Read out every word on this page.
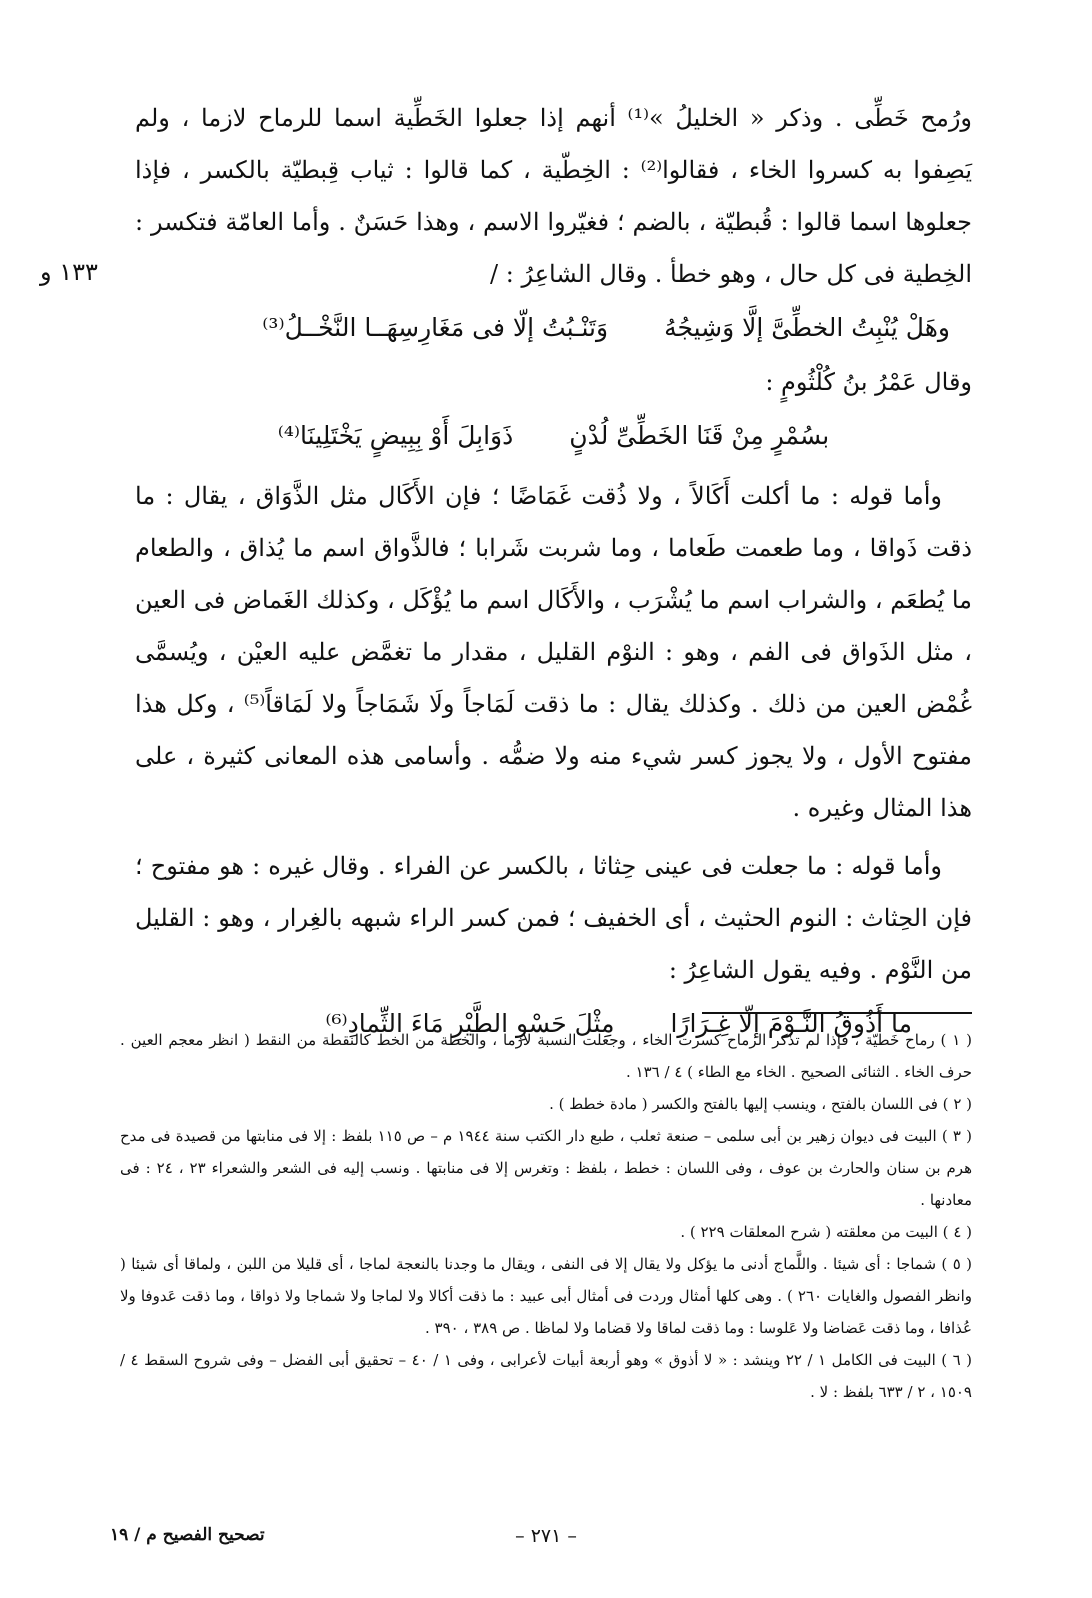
ورُمح خَطِّى . وذكر « الخليلُ »⁽¹⁾ أنهم إذا جعلوا الخَطِّية اسما للرماح لازما ، ولم يَصِفوا به كسروا الخاء ، فقالوا⁽²⁾ : الخِطّية ، كما قالوا : ثياب قِبطيّة بالكسر ، فإذا جعلوها اسما قالوا : قُبطيّة ، بالضم ؛ فغيّروا الاسم ، وهذا حَسَنٌ . وأما العامّة فتكسر : الخِطية فى كل حال ، وهو خطأ . وقال الشاعِرُ : /

وهَلْ يُنْبِتُ الخطِّىَّ إلَّا وَشِيجُهُ
وَتَنْـبُتُ إلّا فى مَغَارِسِهَــا النَّخْــلُ⁽³⁾

وقال عَمْرُ بنُ كُلْثُومٍ :

بسُمْرٍ مِنْ قَنَا الخَطِّىِّ لُدْنٍ
ذَوَابِلَ أَوْ بِبِيضٍ يَخْتَلِينَا⁽⁴⁾

وأما قوله : ما أكلت أَكَالاً ، ولا ذُقت غَمَاضًا ؛ فإن الأَكَال مثل الذَّوَاق ، يقال : ما ذقت ذَواقا ، وما طعمت طَعاما ، وما شربت شَرابا ؛ فالذَّواق اسم ما يُذاق ، والطعام ما يُطعَم ، والشراب اسم ما يُشْرَب ، والأَكَال اسم ما يُؤْكَل ، وكذلك الغَماض فى العين ، مثل الذَواق فى الفم ، وهو : النوْم القليل ، مقدار ما تغمَّض عليه العيْن ، ويُسمَّى غُمْض العين من ذلك . وكذلك يقال : ما ذقت لَمَاجاً ولَا شَمَاجاً ولا لَمَاقاً⁽⁵⁾ ، وكل هذا مفتوح الأول ، ولا يجوز كسر شيء منه ولا ضمُّه . وأسامى هذه المعانى كثيرة ، على هذا المثال وغيره .

وأما قوله : ما جعلت فى عينى حِثاثا ، بالكسر عن الفراء . وقال غيره : هو مفتوح ؛ فإن الحِثاث : النوم الحثيث ، أى الخفيف ؛ فمن كسر الراء شبهه بالغِرار ، وهو : القليل من النَّوْم . وفيه يقول الشاعِرُ :

ما أَذُوقُ النَّـوْمَ إلّا غِـرَارًا
مِثْلَ حَسْوِ الطَّيْرِ مَاءَ الثِّمادِ⁽⁶⁾
١٣٣ و

( ١ ) رماح خَطيّة ، فإذا لم تذكر الرماح كسرت الخاء ، وجعلت النسبة لازما ، والخطة من الخط كالنقطة من النقط ( انظر معجم العين . حرف الخاء . الثنائى الصحيح . الخاء مع الطاء ) ٤ / ١٣٦ .

( ٢ ) فى اللسان بالفتح ، وينسب إليها بالفتح والكسر ( مادة خطط ) .

( ٣ ) البيت فى ديوان زهير بن أبى سلمى – صنعة ثعلب ، طبع دار الكتب سنة ١٩٤٤ م – ص ١١٥ بلفظ : إلا فى منابتها من قصيدة فى مدح هرم بن سنان والحارث بن عوف ، وفى اللسان : خطط ، بلفظ : وتغرس إلا فى منابتها . ونسب إليه فى الشعر والشعراء ٢٣ ، ٢٤ : فى معادنها .

( ٤ ) البيت من معلقته ( شرح المعلقات ٢٢٩ ) .

( ٥ ) شماجا : أى شيئا . واللَّماج أدنى ما يؤكل ولا يقال إلا فى النفى ، ويقال ما وجدنا بالنعجة لماجا ، أى قليلا من اللبن ، ولماقا أى شيئا ( وانظر الفصول والغايات ٢٦٠ ) . وهى كلها أمثال وردت فى أمثال أبى عبيد : ما ذقت أكالا ولا لماجا ولا شماجا ولا ذواقا ، وما ذقت عَدوفا ولا عُذافا ، وما ذقت عَضاضا ولا عَلوسا : وما ذقت لماقا ولا قضاما ولا لماظا . ص ٣٨٩ ، ٣٩٠ .

( ٦ ) البيت فى الكامل ١ / ٢٢ وينشد : « لا أذوق » وهو أربعة أبيات لأعرابى ، وفى ١ / ٤٠ – تحقيق أبى الفضل – وفى شروح السقط ٤ / ١٥٠٩ ، ٢ / ٦٣٣ بلفظ : لا .

– ٢٧١ –
تصحيح الفصيح م / ١٩
